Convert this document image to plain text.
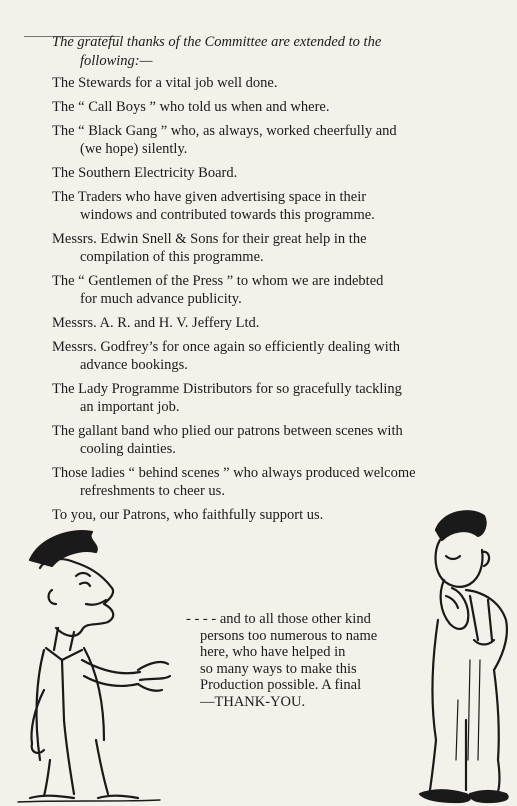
The grateful thanks of the Committee are extended to the
following:—
The Stewards for a vital job well done.
The “ Call Boys ” who told us when and where.
The “ Black Gang ” who, as always, worked cheerfully and
(we hope) silently.
The Southern Electricity Board.
The Traders who have given advertising space in their
windows and contributed towards this programme.
Messrs. Edwin Snell & Sons for their great help in the
compilation of this programme.
The “ Gentlemen of the Press ” to whom we are indebted
for much advance publicity.
Messrs. A. R. and H. V. Jeffery Ltd.
Messrs. Godfrey’s for once again so efficiently dealing with
advance bookings.
The Lady Programme Distributors for so gracefully tackling
an important job.
The gallant band who plied our patrons between scenes with
cooling dainties.
Those ladies “ behind scenes ” who always produced welcome
refreshments to cheer us.
To you, our Patrons, who faithfully support us.
- - - - and to all those other kind
persons too numerous to name
here, who have helped in
so many ways to make this
Production possible. A final
—THANK-YOU.
